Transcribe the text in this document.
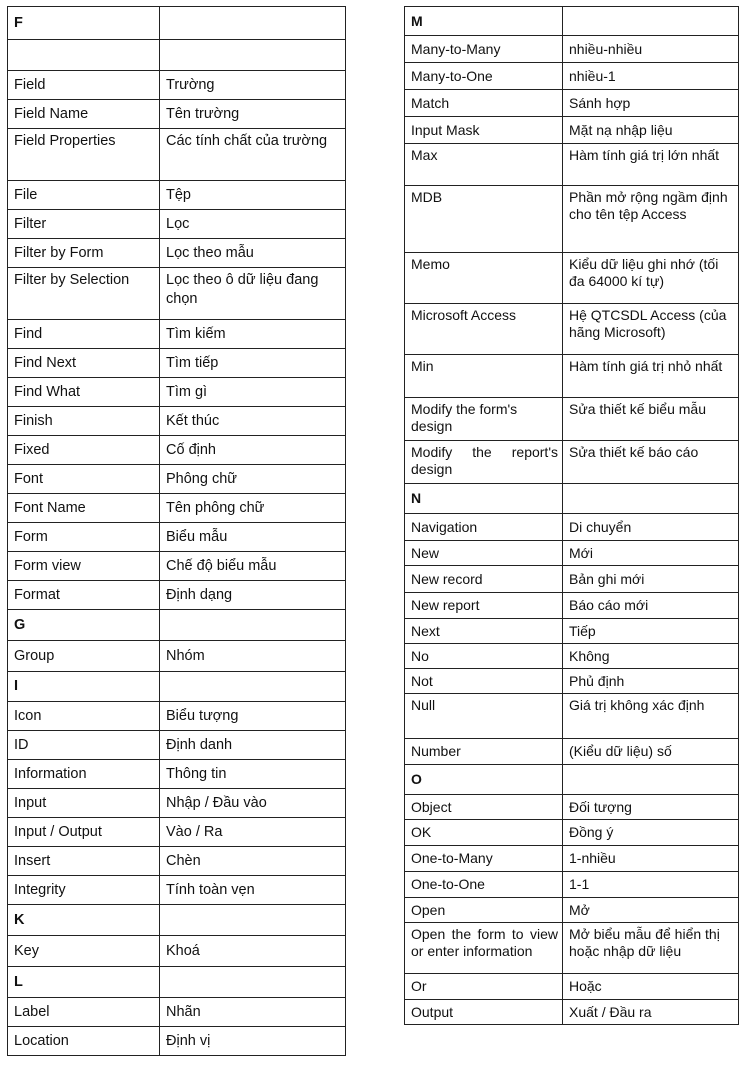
F	

Field	Trường
Field Name	Tên trường
Field Properties	Các tính chất của trường
File	Tệp
Filter	Lọc
Filter by Form	Lọc theo mẫu
Filter by Selection	Lọc theo ô dữ liệu đang chọn
Find	Tìm kiếm
Find Next	Tìm tiếp
Find What	Tìm gì
Finish	Kết thúc
Fixed	Cố định
Font	Phông chữ
Font Name	Tên phông chữ
Form	Biểu mẫu
Form view	Chế độ biểu mẫu
Format	Định dạng
G	
Group	Nhóm
I	
Icon	Biểu tượng
ID	Định danh
Information	Thông tin
Input	Nhập / Đầu vào
Input / Output	Vào / Ra
Insert	Chèn
Integrity	Tính toàn vẹn
K	
Key	Khoá
L	
Label	Nhãn
Location	Định vị
M	
Many-to-Many	nhiều-nhiều
Many-to-One	nhiều-1
Match	Sánh hợp
Input Mask	Mặt nạ nhập liệu
Max	Hàm tính giá trị lớn nhất
MDB	Phần mở rộng ngầm định cho tên tệp Access
Memo	Kiểu dữ liệu ghi nhớ (tối đa 64000 kí tự)
Microsoft Access	Hệ QTCSDL Access (của hãng Microsoft)
Min	Hàm tính giá trị nhỏ nhất
Modify the form's design	Sửa thiết kế biểu mẫu
Modify the report's design	Sửa thiết kế báo cáo
N	
Navigation	Di chuyển
New	Mới
New record	Bản ghi mới
New report	Báo cáo mới
Next	Tiếp
No	Không
Not	Phủ định
Null	Giá trị không xác định
Number	(Kiểu dữ liệu) số
O	
Object	Đối tượng
OK	Đồng ý
One-to-Many	1-nhiều
One-to-One	1-1
Open	Mở
Open the form to view or enter information	Mở biểu mẫu để hiển thị hoặc nhập dữ liệu
Or	Hoặc
Output	Xuất / Đầu ra
